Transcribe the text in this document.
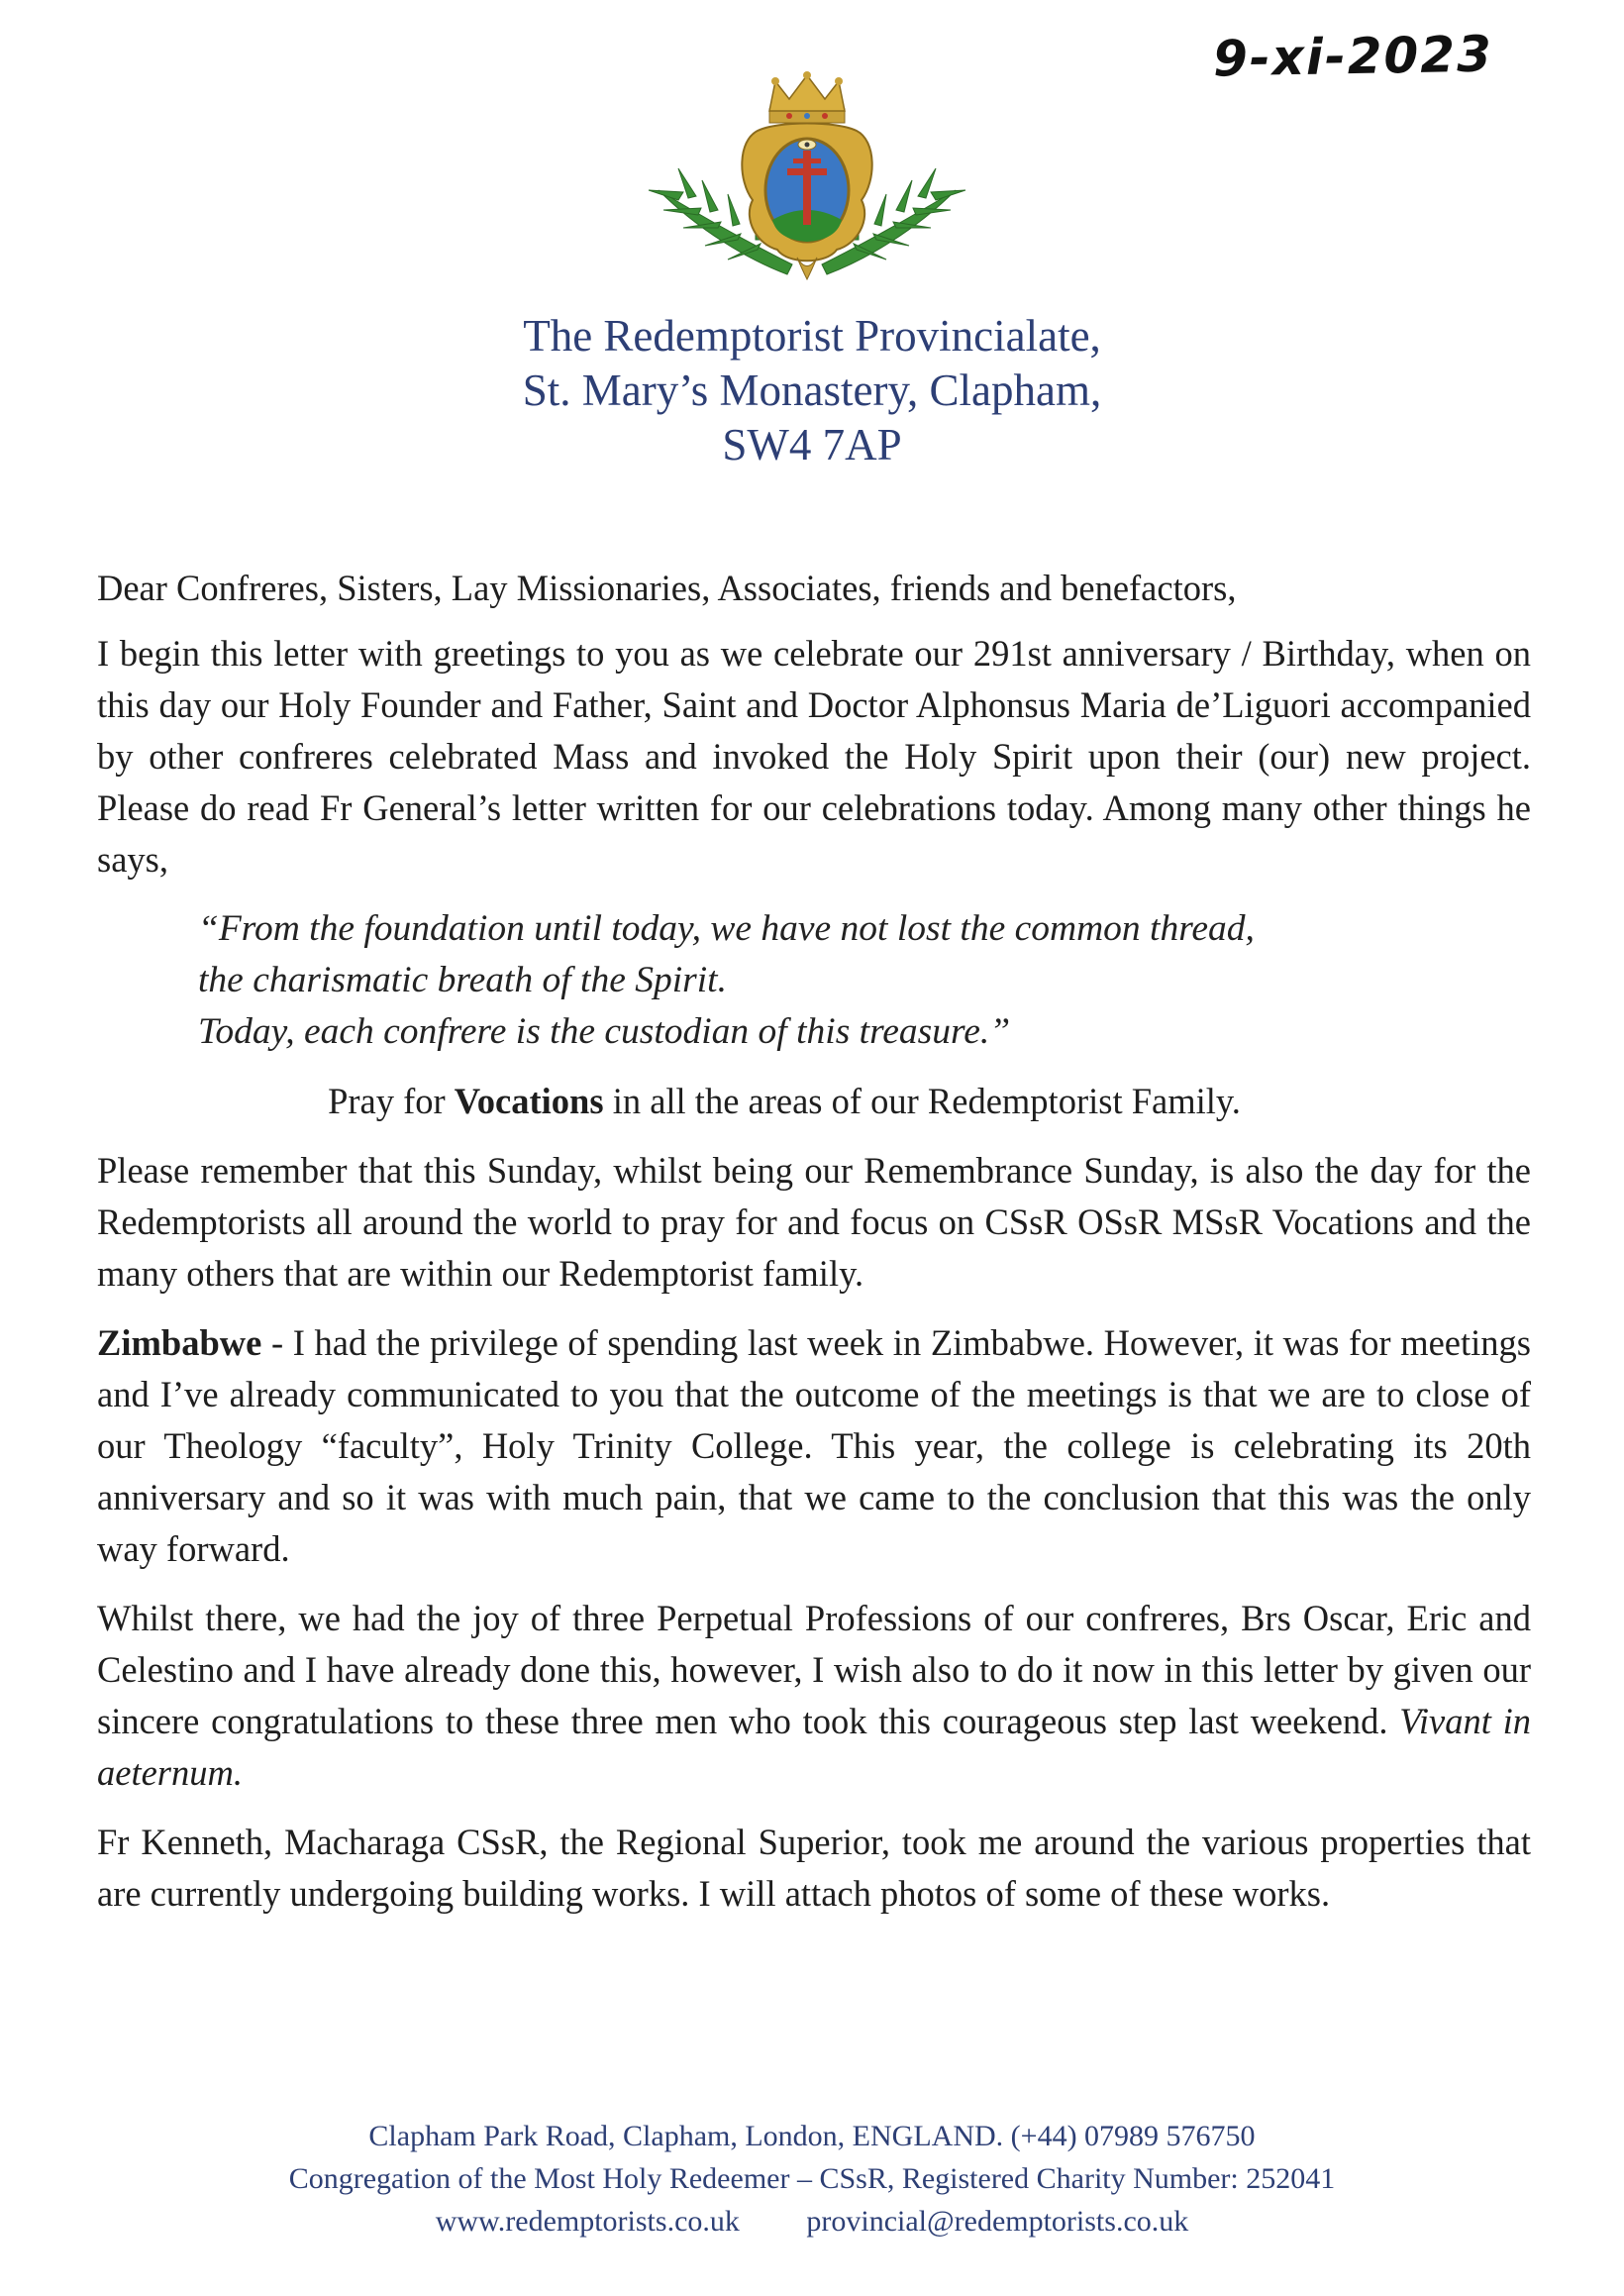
9-xi-2023
The Redemptorist Provincialate,
St. Mary’s Monastery, Clapham,
SW4 7AP

Dear Confreres, Sisters, Lay Missionaries, Associates, friends and benefactors,

I begin this letter with greetings to you as we celebrate our 291st anniversary / Birthday, when on this day our Holy Founder and Father, Saint and Doctor Alphonsus Maria de’Liguori accompanied by other confreres celebrated Mass and invoked the Holy Spirit upon their (our) new project. Please do read Fr General’s letter written for our celebrations today. Among many other things he says,

“From the foundation until today, we have not lost the common thread,
the charismatic breath of the Spirit.
Today, each confrere is the custodian of this treasure.”

Pray for Vocations in all the areas of our Redemptorist Family.

Please remember that this Sunday, whilst being our Remembrance Sunday, is also the day for the Redemptorists all around the world to pray for and focus on CSsR OSsR MSsR Vocations and the many others that are within our Redemptorist family.

Zimbabwe - I had the privilege of spending last week in Zimbabwe. However, it was for meetings and I’ve already communicated to you that the outcome of the meetings is that we are to close of our Theology “faculty”, Holy Trinity College. This year, the college is celebrating its 20th anniversary and so it was with much pain, that we came to the conclusion that this was the only way forward.

Whilst there, we had the joy of three Perpetual Professions of our confreres, Brs Oscar, Eric and Celestino and I have already done this, however, I wish also to do it now in this letter by given our sincere congratulations to these three men who took this courageous step last weekend. Vivant in aeternum.

Fr Kenneth, Macharaga CSsR, the Regional Superior, took me around the various properties that are currently undergoing building works. I will attach photos of some of these works.

Clapham Park Road, Clapham, London, ENGLAND. (+44) 07989 576750
Congregation of the Most Holy Redeemer – CSsR, Registered Charity Number: 252041
www.redemptorists.co.uk provincial@redemptorists.co.uk
